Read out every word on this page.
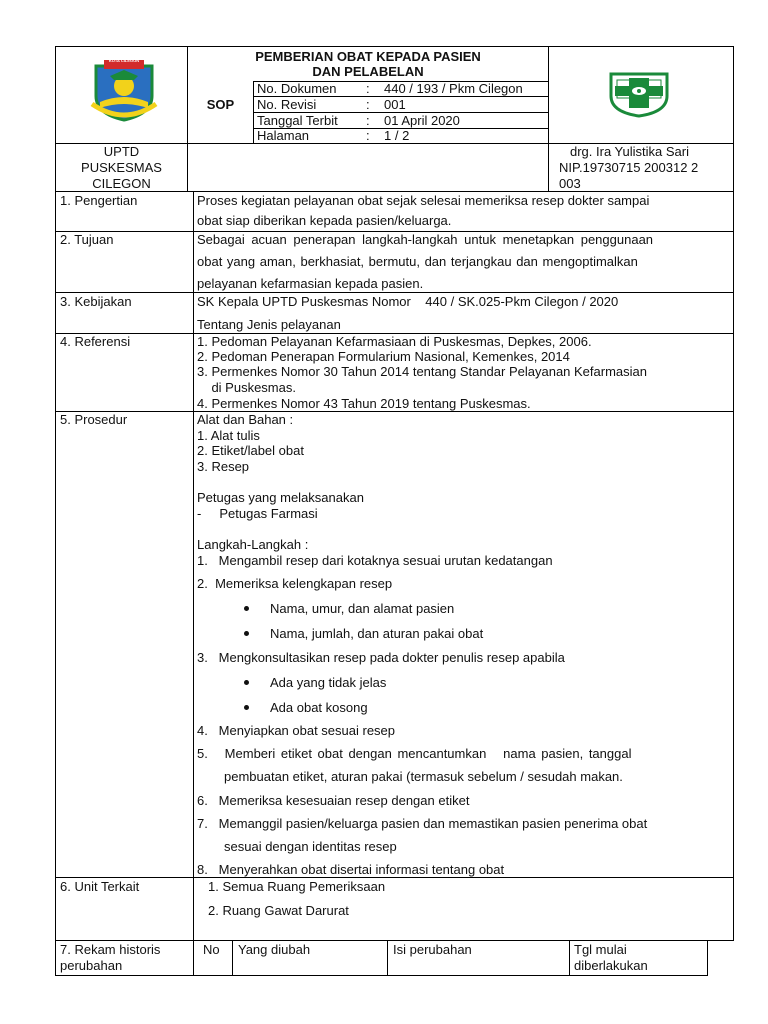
KOTA CILEGON	PEMBERIAN OBAT KEPADA PASIEN
DAN PELABELAN
SOP
No. Dokumen : 440 / 193 / Pkm Cilegon
No. Revisi	: 001
Tanggal Terbit : 01 April 2020
Halaman	: 1 / 2
UPTD
PUSKESMAS
CILEGON
drg. Ira Yulistika Sari
NIP.19730715 200312 2
003
1. Pengertian	Proses kegiatan pelayanan obat sejak selesai memeriksa resep dokter sampai
obat siap diberikan kepada pasien/keluarga.
2. Tujuan	Sebagai acuan penerapan langkah-langkah untuk menetapkan penggunaan
obat yang aman, berkhasiat, bermutu, dan terjangkau dan mengoptimalkan
pelayanan kefarmasian kepada pasien.
3. Kebijakan	SK Kepala UPTD Puskesmas Nomor    440 / SK.025-Pkm Cilegon / 2020
Tentang Jenis pelayanan
4. Referensi	1. Pedoman Pelayanan Kefarmasiaan di Puskesmas, Depkes, 2006.
2. Pedoman Penerapan Formularium Nasional, Kemenkes, 2014
3. Permenkes Nomor 30 Tahun 2014 tentang Standar Pelayanan Kefarmasian
di Puskesmas.
4. Permenkes Nomor 43 Tahun 2019 tentang Puskesmas.
5. Prosedur	Alat dan Bahan :
1. Alat tulis
2. Etiket/label obat
3. Resep
Petugas yang melaksanakan
-     Petugas Farmasi
Langkah-Langkah :
1.   Mengambil resep dari kotaknya sesuai urutan kedatangan
2.  Memeriksa kelengkapan resep
Nama, umur, dan alamat pasien
Nama, jumlah, dan aturan pakai obat
3.   Mengkonsultasikan resep pada dokter penulis resep apabila
Ada yang tidak jelas
Ada obat kosong
4.   Menyiapkan obat sesuai resep
5.   Memberi etiket obat dengan mencantumkan   nama pasien, tanggal
pembuatan etiket, aturan pakai (termasuk sebelum / sesudah makan.
6.   Memeriksa kesesuaian resep dengan etiket
7.   Memanggil pasien/keluarga pasien dan memastikan pasien penerima obat
sesuai dengan identitas resep
8.   Menyerahkan obat disertai informasi tentang obat
6. Unit Terkait	1. Semua Ruang Pemeriksaan
2. Ruang Gawat Darurat
7. Rekam historis
perubahan
No Yang diubah	Isi perubahan	Tgl mulai
diberlakukan
